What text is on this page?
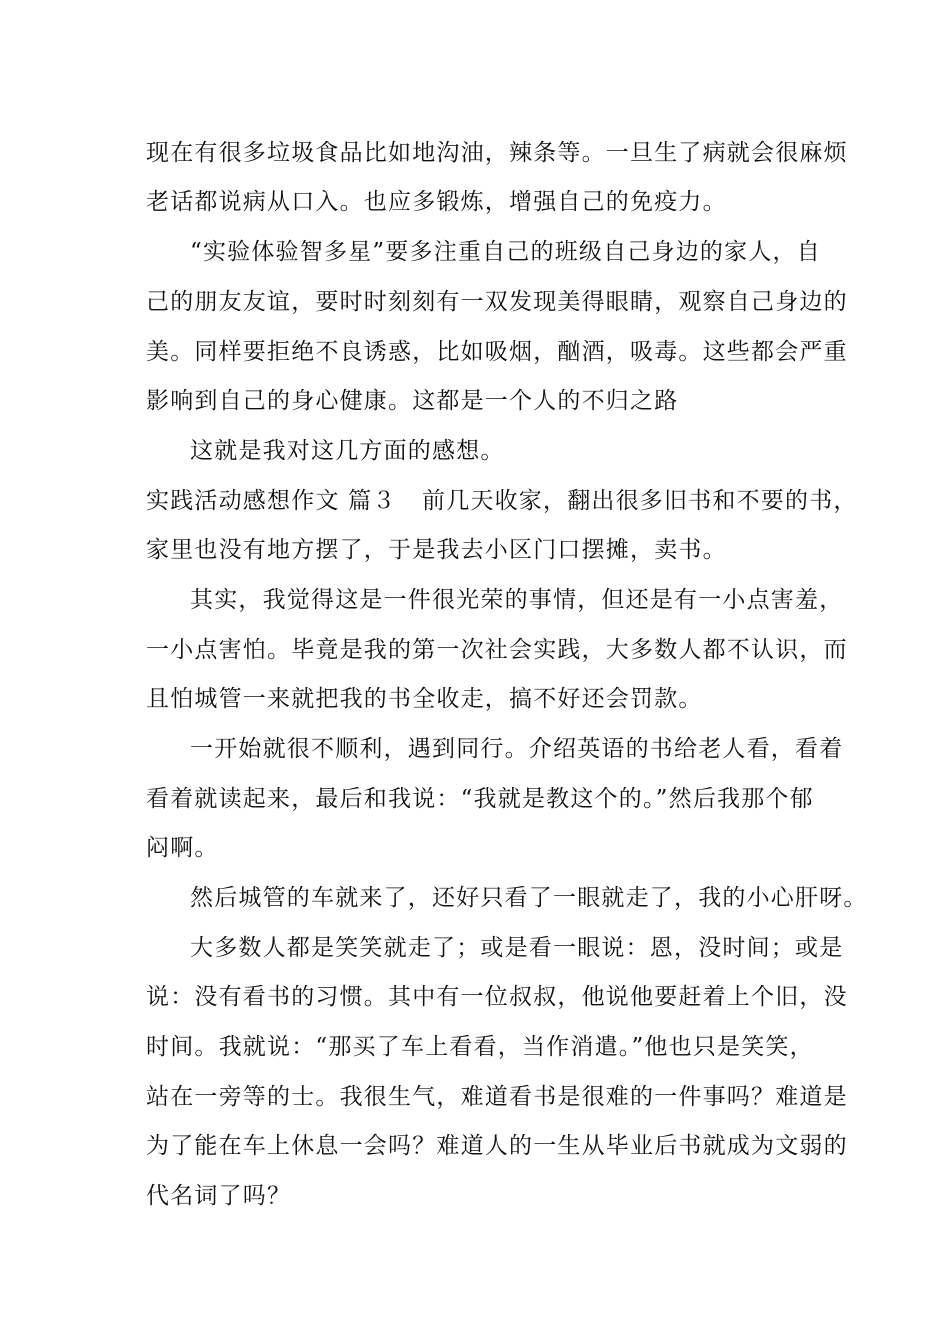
现在有很多垃圾食品比如地沟油，辣条等。一旦生了病就会很麻烦
老话都说病从口入。也应多锻炼，增强自己的免疫力。
“实验体验智多星”要多注重自己的班级自己身边的家人，自
己的朋友友谊，要时时刻刻有一双发现美得眼睛，观察自己身边的
美。同样要拒绝不良诱惑，比如吸烟，酗酒，吸毒。这些都会严重
影响到自己的身心健康。这都是一个人的不归之路
这就是我对这几方面的感想。
实践活动感想作文 篇３ 前几天收家，翻出很多旧书和不要的书，
家里也没有地方摆了，于是我去小区门口摆摊，卖书。
其实，我觉得这是一件很光荣的事情，但还是有一小点害羞，
一小点害怕。毕竟是我的第一次社会实践，大多数人都不认识，而
且怕城管一来就把我的书全收走，搞不好还会罚款。
一开始就很不顺利，遇到同行。介绍英语的书给老人看，看着
看着就读起来，最后和我说：“我就是教这个的。”然后我那个郁
闷啊。
然后城管的车就来了，还好只看了一眼就走了，我的小心肝呀。
大多数人都是笑笑就走了；或是看一眼说：恩，没时间；或是
说：没有看书的习惯。其中有一位叔叔，他说他要赶着上个旧，没
时间。我就说：“那买了车上看看，当作消遣。”他也只是笑笑，
站在一旁等的士。我很生气，难道看书是很难的一件事吗？难道是
为了能在车上休息一会吗？难道人的一生从毕业后书就成为文弱的
代名词了吗？
